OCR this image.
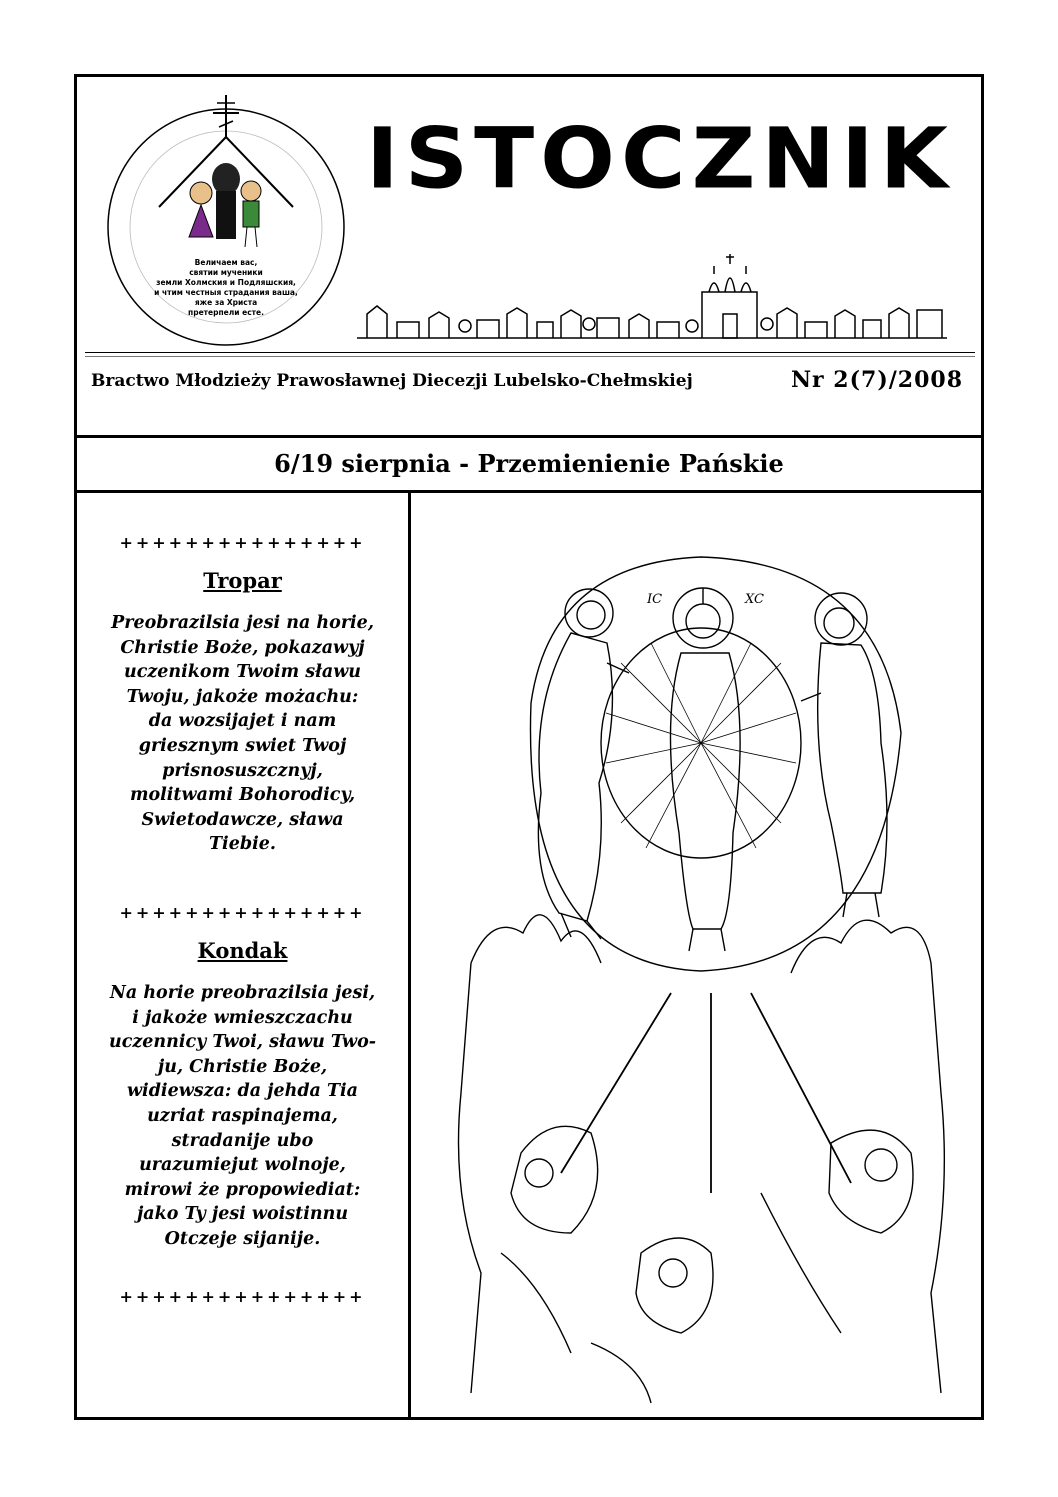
Величаем вас,
святии мученики
земли Холмския и Подляшския,
и чтим честныя страдания ваша,
яже за Христа
претерпели есте.
ISTOCZNIK
Bractwo Młodzieży Prawosławnej Diecezji Lubelsko-Chełmskiej	Nr 2(7)/2008
6/19 sierpnia - Przemienienie Pańskie
+++++++++++++++
Tropar
Preobrazilsia jesi na horie,
Christie Boże, pokazawyj
uczenikom Twoim sławu
Twoju, jakoże możachu:
da wozsijajet i nam
griesznym swiet Twoj
prisnosuszcznyj,
molitwami Bohorodicy,
Swietodawcze, sława
Tiebie.
+++++++++++++++
Kondak
Na horie preobrazilsia jesi,
i jakoże wmieszczachu
uczennicy Twoi, sławu Two-
ju, Christie Boże,
widiewsza: da jehda Tia
uzriat raspinajema,
stradanije ubo
urazumiejut wolnoje,
mirowi że propowiediat:
jako Ty jesi woistinnu
Otczeje sijanije.
+++++++++++++++
IC	XC
